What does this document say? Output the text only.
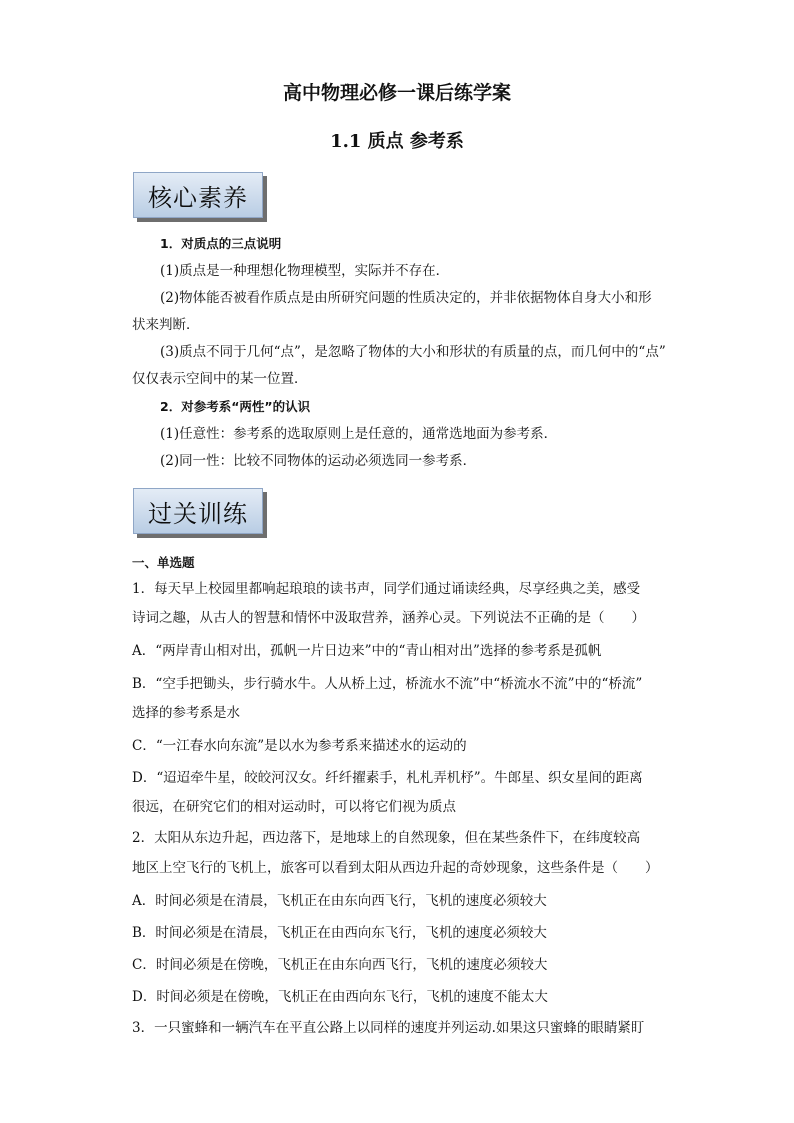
高中物理必修一课后练学案
1.1 质点 参考系
核心素养
1．对质点的三点说明
(1)质点是一种理想化物理模型，实际并不存在．
(2)物体能否被看作质点是由所研究问题的性质决定的，并非依据物体自身大小和形
状来判断．
(3)质点不同于几何“点”，是忽略了物体的大小和形状的有质量的点，而几何中的“点”
仅仅表示空间中的某一位置．
2．对参考系“两性”的认识
(1)任意性：参考系的选取原则上是任意的，通常选地面为参考系．
(2)同一性：比较不同物体的运动必须选同一参考系．
过关训练
一、单选题
1．每天早上校园里都响起琅琅的读书声，同学们通过诵读经典，尽享经典之美，感受
诗词之趣，从古人的智慧和情怀中汲取营养，涵养心灵。下列说法不正确的是（　　）
A．“两岸青山相对出，孤帆一片日边来”中的“青山相对出”选择的参考系是孤帆
B．“空手把锄头，步行骑水牛。人从桥上过，桥流水不流”中“桥流水不流”中的“桥流”
选择的参考系是水
C．“一江春水向东流”是以水为参考系来描述水的运动的
D．“迢迢牵牛星，皎皎河汉女。纤纤擢素手，札札弄机杼”。牛郎星、织女星间的距离
很远，在研究它们的相对运动时，可以将它们视为质点
2．太阳从东边升起，西边落下，是地球上的自然现象，但在某些条件下，在纬度较高
地区上空飞行的飞机上，旅客可以看到太阳从西边升起的奇妙现象，这些条件是（　　）
A．时间必须是在清晨，飞机正在由东向西飞行，飞机的速度必须较大
B．时间必须是在清晨，飞机正在由西向东飞行，飞机的速度必须较大
C．时间必须是在傍晚，飞机正在由东向西飞行，飞机的速度必须较大
D．时间必须是在傍晚，飞机正在由西向东飞行，飞机的速度不能太大
3．一只蜜蜂和一辆汽车在平直公路上以同样的速度并列运动.如果这只蜜蜂的眼睛紧盯
